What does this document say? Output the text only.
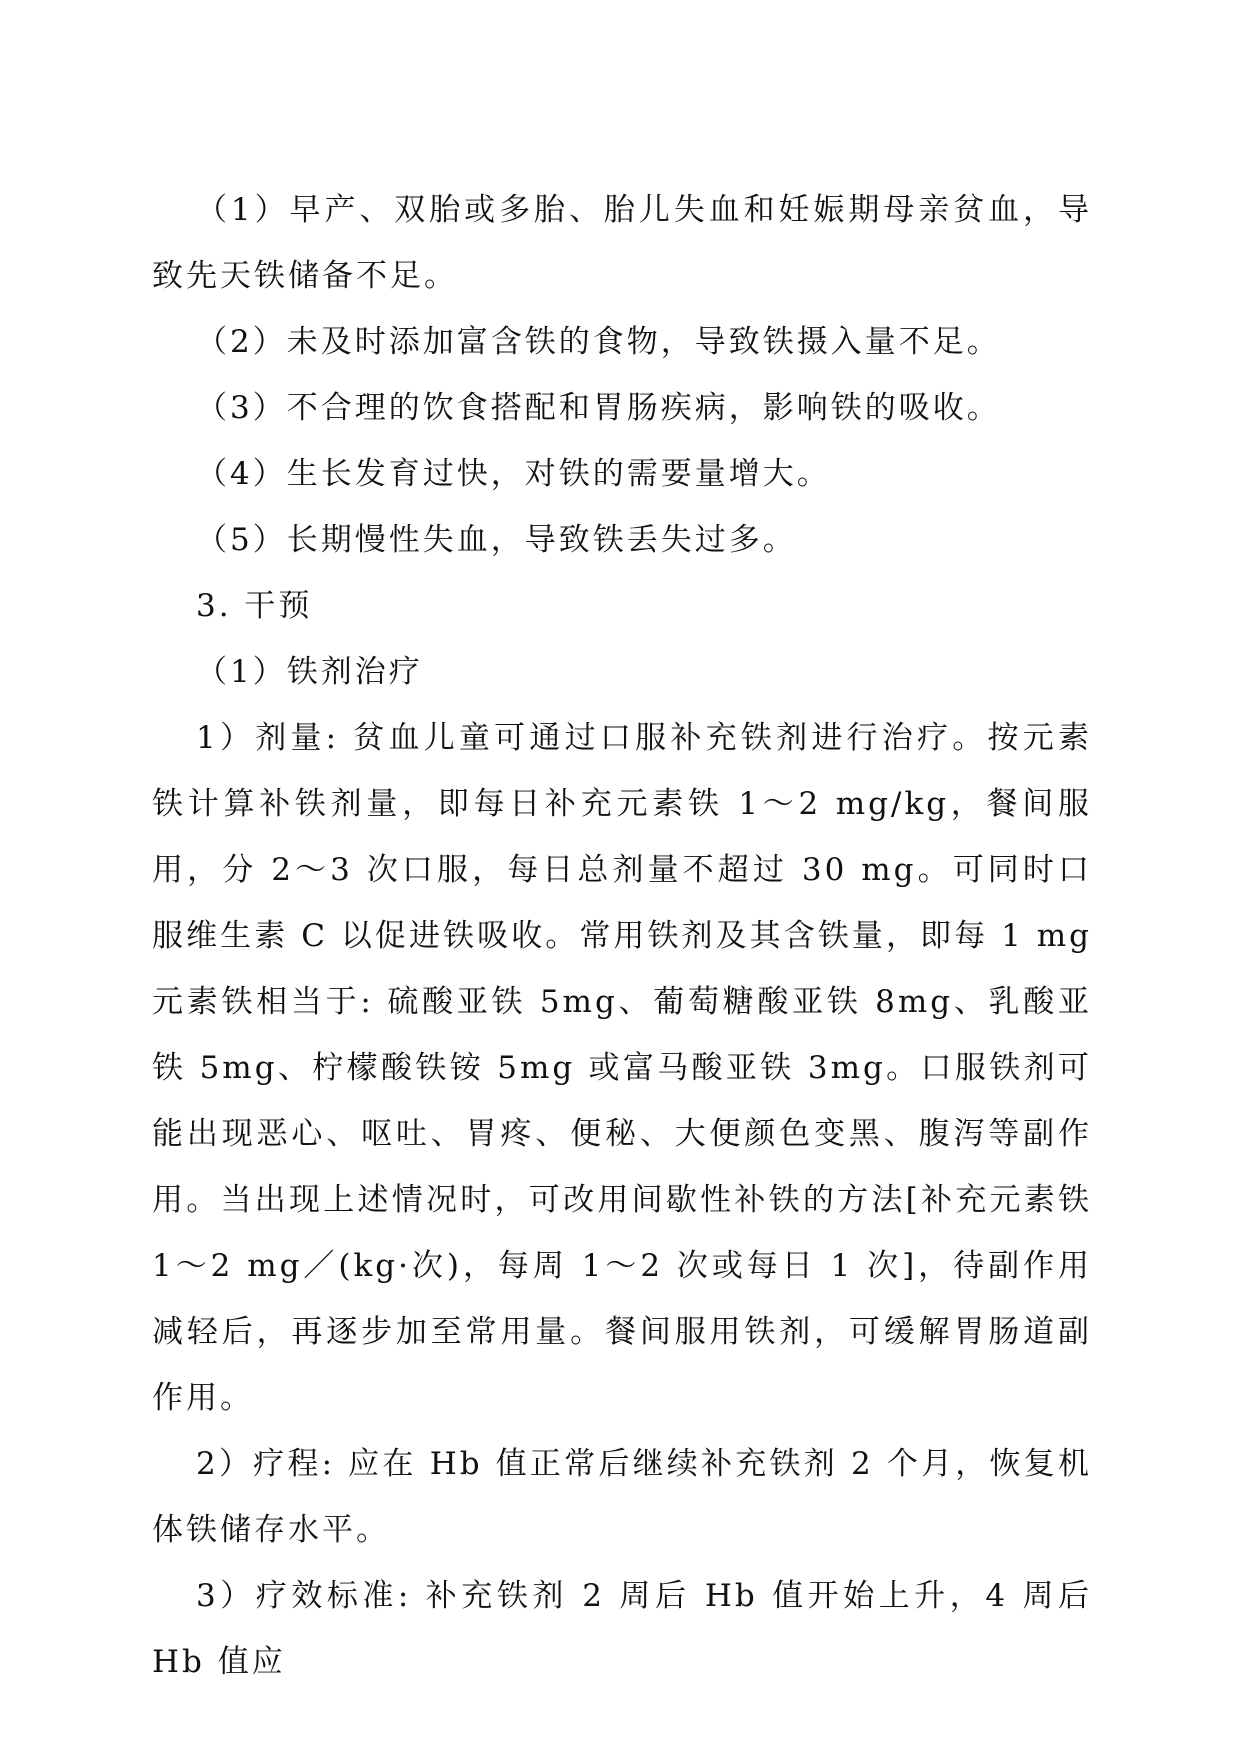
（1）早产、双胎或多胎、胎儿失血和妊娠期母亲贫血，导致先天铁储备不足。

（2）未及时添加富含铁的食物，导致铁摄入量不足。

（3）不合理的饮食搭配和胃肠疾病，影响铁的吸收。

（4）生长发育过快，对铁的需要量增大。

（5）长期慢性失血，导致铁丢失过多。

3. 干预

（1）铁剂治疗

1）剂量: 贫血儿童可通过口服补充铁剂进行治疗。按元素铁计算补铁剂量，即每日补充元素铁 1～2 mg/kg，餐间服用，分 2～3 次口服，每日总剂量不超过 30 mg。可同时口服维生素 C 以促进铁吸收。常用铁剂及其含铁量，即每 1 mg 元素铁相当于: 硫酸亚铁 5mg、葡萄糖酸亚铁 8mg、乳酸亚铁 5mg、柠檬酸铁铵 5mg 或富马酸亚铁 3mg。口服铁剂可能出现恶心、呕吐、胃疼、便秘、大便颜色变黑、腹泻等副作用。当出现上述情况时，可改用间歇性补铁的方法[补充元素铁 1～2 mg／(kg·次)，每周 1～2 次或每日 1 次]，待副作用减轻后，再逐步加至常用量。餐间服用铁剂，可缓解胃肠道副作用。

2）疗程: 应在 Hb 值正常后继续补充铁剂 2 个月，恢复机体铁储存水平。

3）疗效标准: 补充铁剂 2 周后 Hb 值开始上升，4 周后 Hb 值应
